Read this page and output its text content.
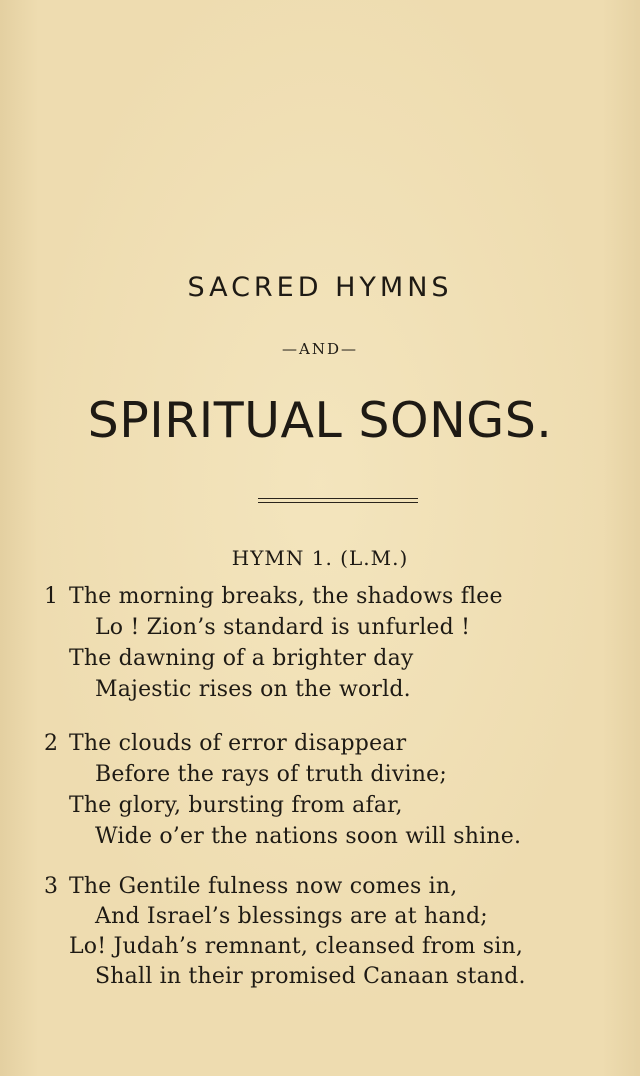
SACRED HYMNS
—AND—
SPIRITUAL SONGS.
HYMN 1. (L.M.)
1 The morning breaks, the shadows flee
Lo ! Zion’s standard is unfurled !
The dawning of a brighter day
Majestic rises on the world.
2 The clouds of error disappear
Before the rays of truth divine;
The glory, bursting from afar,
Wide o’er the nations soon will shine.
3 The Gentile fulness now comes in,
And Israel’s blessings are at hand;
Lo! Judah’s remnant, cleansed from sin,
Shall in their promised Canaan stand.
